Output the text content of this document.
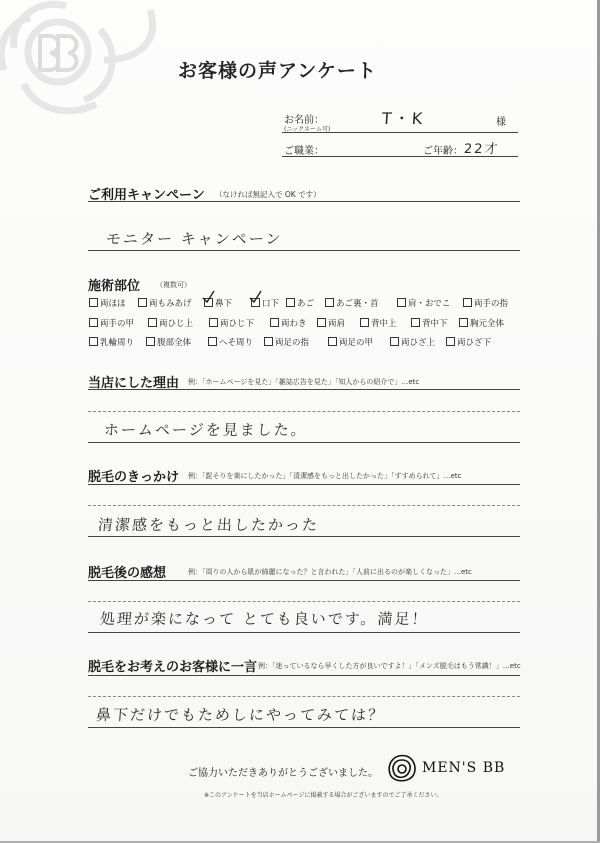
お客様の声アンケート
お名前：
(ニックネーム可)
T・K	様
ご職業：	ご年齢： 22才
ご利用キャンペーン （なければ無記入で OK です）
モニター キャンペーン
施術部位 （複数可）
両ほほ	両もみあげ	鼻下	口下	あご	あご裏・首	肩・おでこ	両手の指
両手の甲	両ひじ上	両ひじ下	両わき	両肩	背中上	背中下	胸元全体
乳輪周り	腹部全体	へそ周り	両足の指	両足の甲	両ひざ上	両ひざ下
当店にした理由 例：「ホームページを見た」「雑誌広告を見た」「知人からの紹介で」…etc
ホームページを見ました。
脱毛のきっかけ 例：「髭そりを楽にしたかった」「清潔感をもっと出したかった」「すすめられて」…etc
清潔感をもっと出したかった
脱毛後の感想	例：「周りの人から肌が綺麗になった？と言われた」「人前に出るのが楽しくなった」…etc
処理が楽になって とても良いです。満足！
脱毛をお考えのお客様に一言 例：「迷っているなら早くした方が良いですよ！」「メンズ脱毛はもう常識！」…etc
鼻下だけでもためしにやってみては？
ご協力いただきありがとうございました。	MEN'S BB
※このアンケートを当店ホームページに掲載する場合がございますのでご了承ください。
